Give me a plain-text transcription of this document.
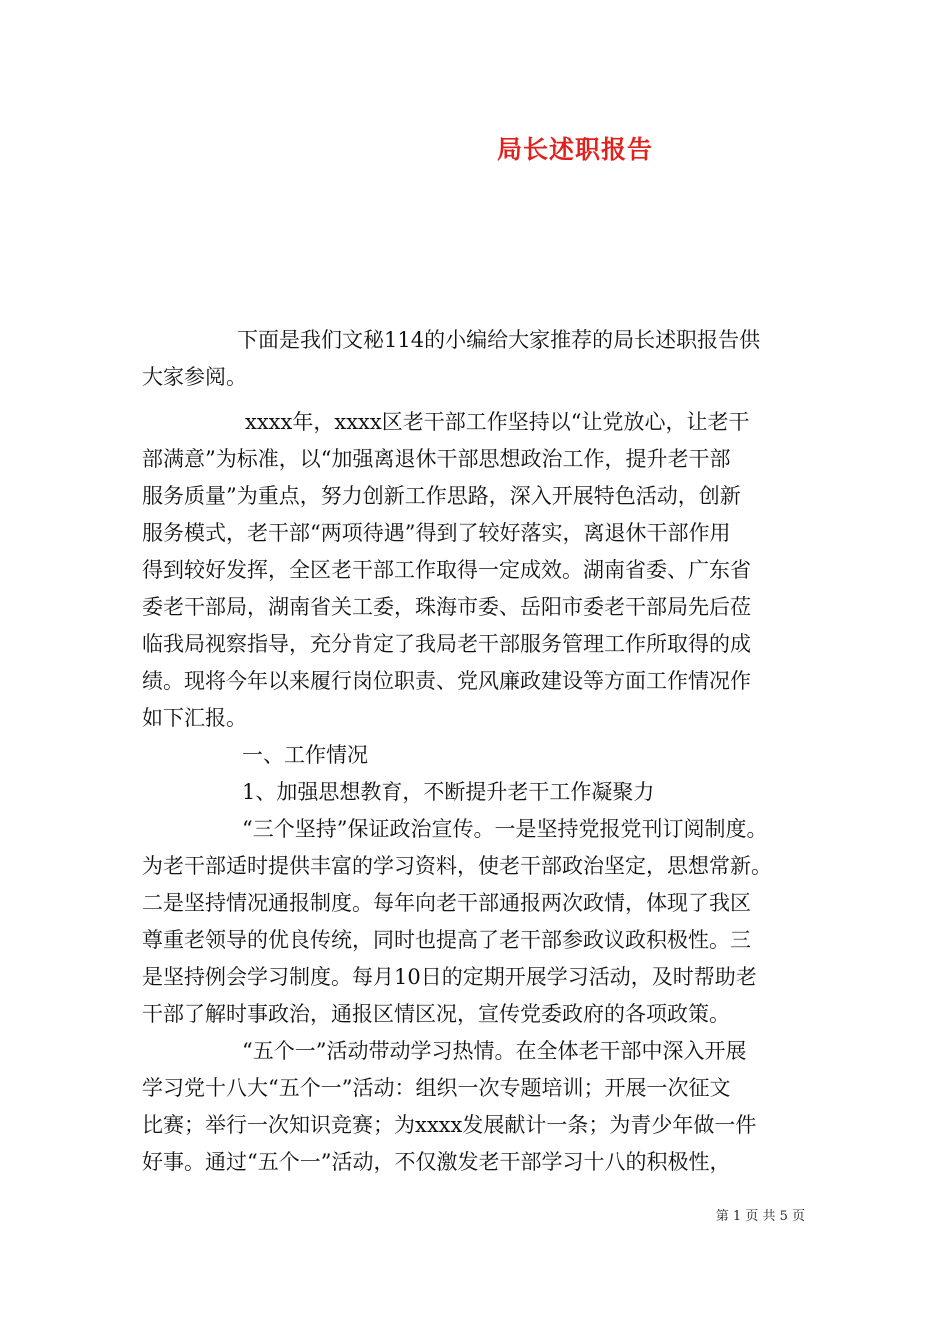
局长述职报告
下面是我们文秘114的小编给大家推荐的局长述职报告供
大家参阅。
xxxx年，xxxx区老干部工作坚持以“让党放心，让老干
部满意”为标准，以“加强离退休干部思想政治工作，提升老干部
服务质量”为重点，努力创新工作思路，深入开展特色活动，创新
服务模式，老干部“两项待遇”得到了较好落实，离退休干部作用
得到较好发挥，全区老干部工作取得一定成效。湖南省委、广东省
委老干部局，湖南省关工委，珠海市委、岳阳市委老干部局先后莅
临我局视察指导，充分肯定了我局老干部服务管理工作所取得的成
绩。现将今年以来履行岗位职责、党风廉政建设等方面工作情况作
如下汇报。
一、工作情况
1、加强思想教育，不断提升老干工作凝聚力
“三个坚持”保证政治宣传。一是坚持党报党刊订阅制度。
为老干部适时提供丰富的学习资料，使老干部政治坚定，思想常新。
二是坚持情况通报制度。每年向老干部通报两次政情，体现了我区
尊重老领导的优良传统，同时也提高了老干部参政议政积极性。三
是坚持例会学习制度。每月10日的定期开展学习活动，及时帮助老
干部了解时事政治，通报区情区况，宣传党委政府的各项政策。
“五个一”活动带动学习热情。在全体老干部中深入开展
学习党十八大“五个一”活动：组织一次专题培训；开展一次征文
比赛；举行一次知识竞赛；为xxxx发展献计一条；为青少年做一件
好事。通过“五个一”活动，不仅激发老干部学习十八的积极性，
第 1 页 共 5 页
